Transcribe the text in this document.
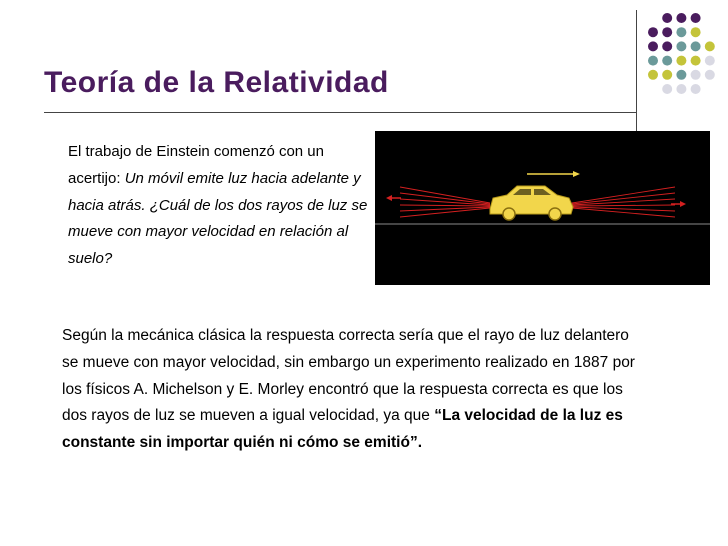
Teoría de la Relatividad
El trabajo de Einstein comenzó con un acertijo: Un móvil emite luz hacia adelante y hacia atrás. ¿Cuál de los dos rayos de luz se mueve con mayor velocidad en relación al suelo?
Según la mecánica clásica la respuesta correcta sería que el rayo de luz delantero se mueve con mayor velocidad, sin embargo un experimento realizado en 1887 por los físicos A. Michelson y E. Morley encontró que la respuesta correcta es que los dos rayos de luz se mueven a igual velocidad, ya que “La velocidad de la luz es constante sin importar quién ni cómo se emitió”.
